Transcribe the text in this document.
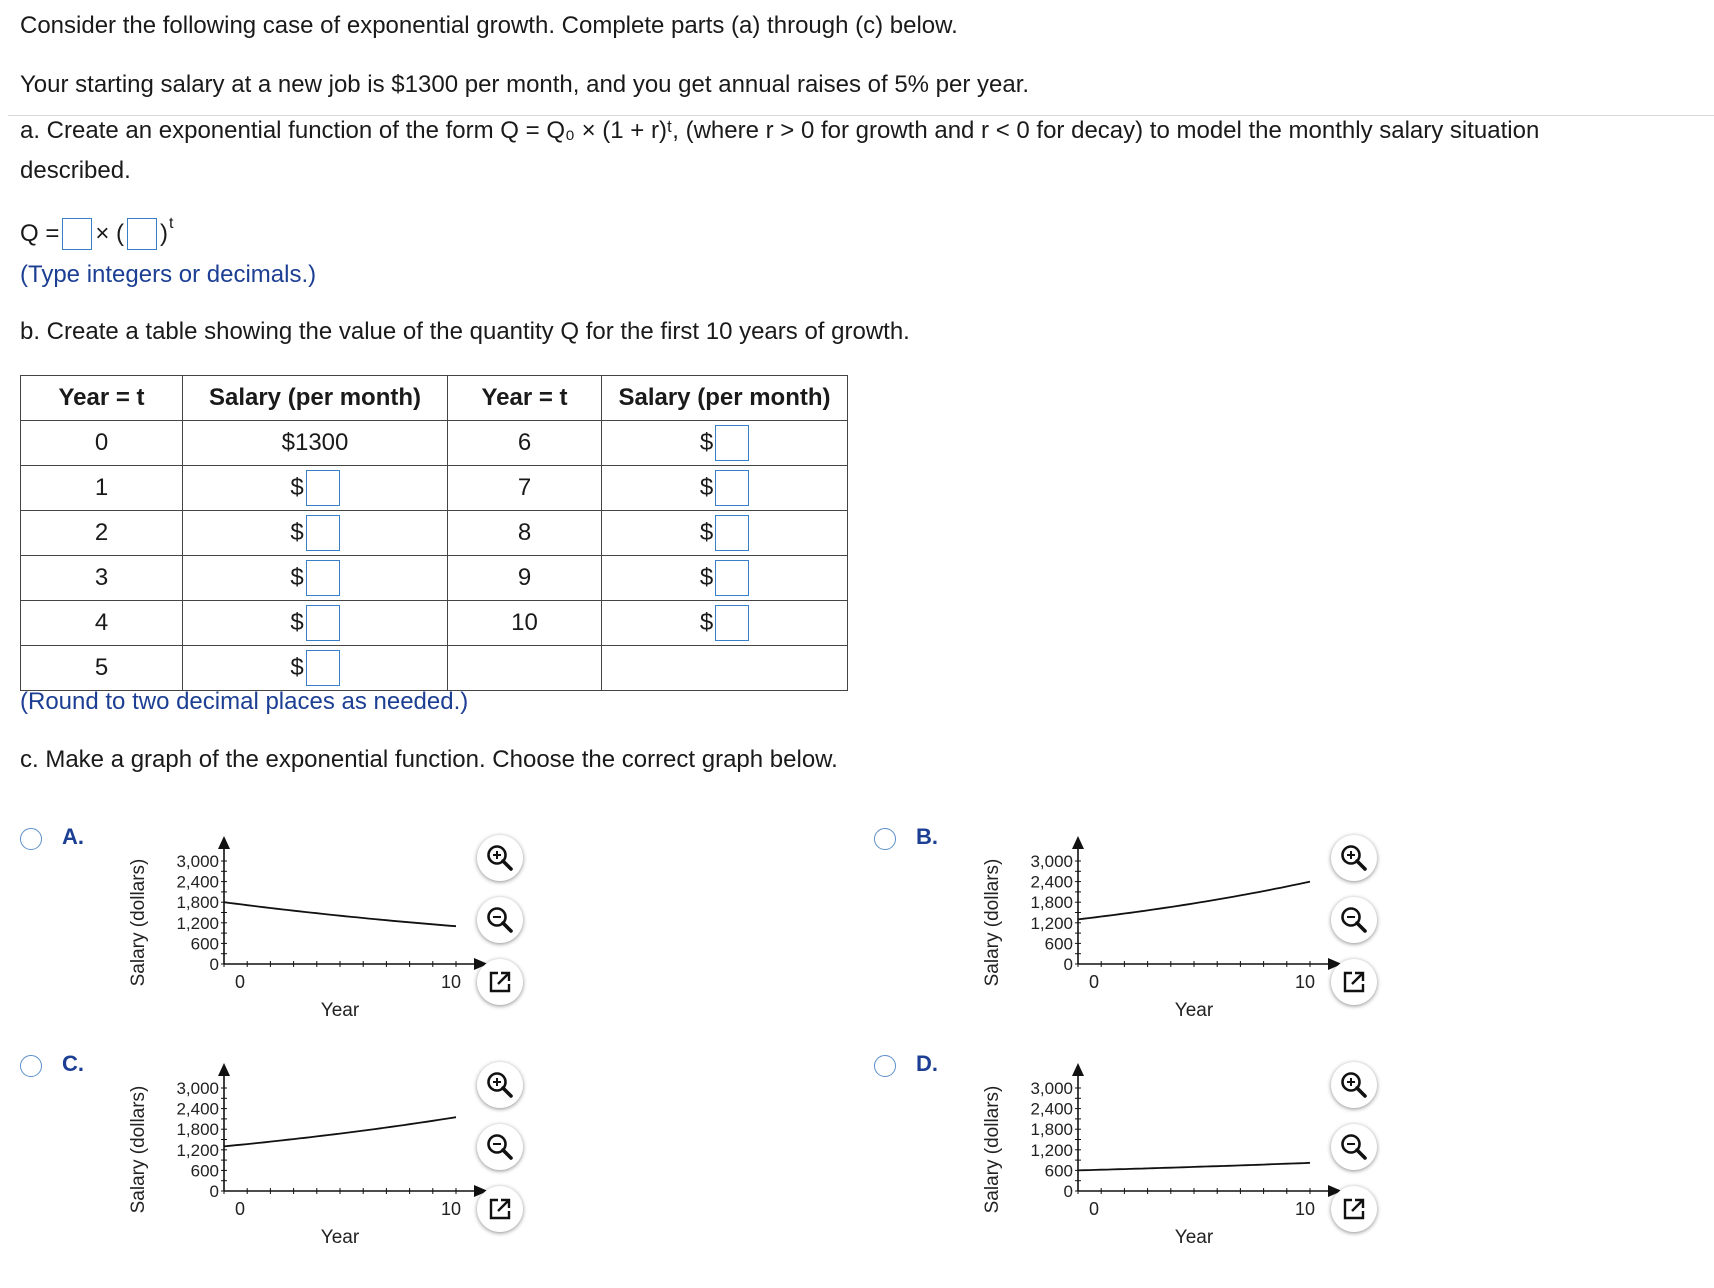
Consider the following case of exponential growth. Complete parts (a) through (c) below.
Your starting salary at a new job is $1300 per month, and you get annual raises of 5% per year.
a. Create an exponential function of the form Q = Q₀ × (1 + r)ᵗ, (where r > 0 for growth and r < 0 for decay) to model the monthly salary situation
described.
Q = × ( )$^t$
(Type integers or decimals.)
b. Create a table showing the value of the quantity Q for the first 10 years of growth.
Year = t	Salary (per month)	Year = t	Salary (per month)
0	$1300	6	$

1	$	7	$

2	$	8	$

3	$	9	$

4	$	10	$

5	$		

(Round to two decimal places as needed.)
c. Make a graph of the exponential function. Choose the correct graph below.
A.
Salary (dollars) 3,000
2,400
1,800
1,200
600
0
0	10
Year
B.
Salary (dollars) 3,000
2,400
1,800
1,200
600
0
0	10
Year
C.
Salary (dollars) 3,000
2,400
1,800
1,200
600
0
0	10
Year
D.
Salary (dollars) 3,000
2,400
1,800
1,200
600
0
0	10
Year
